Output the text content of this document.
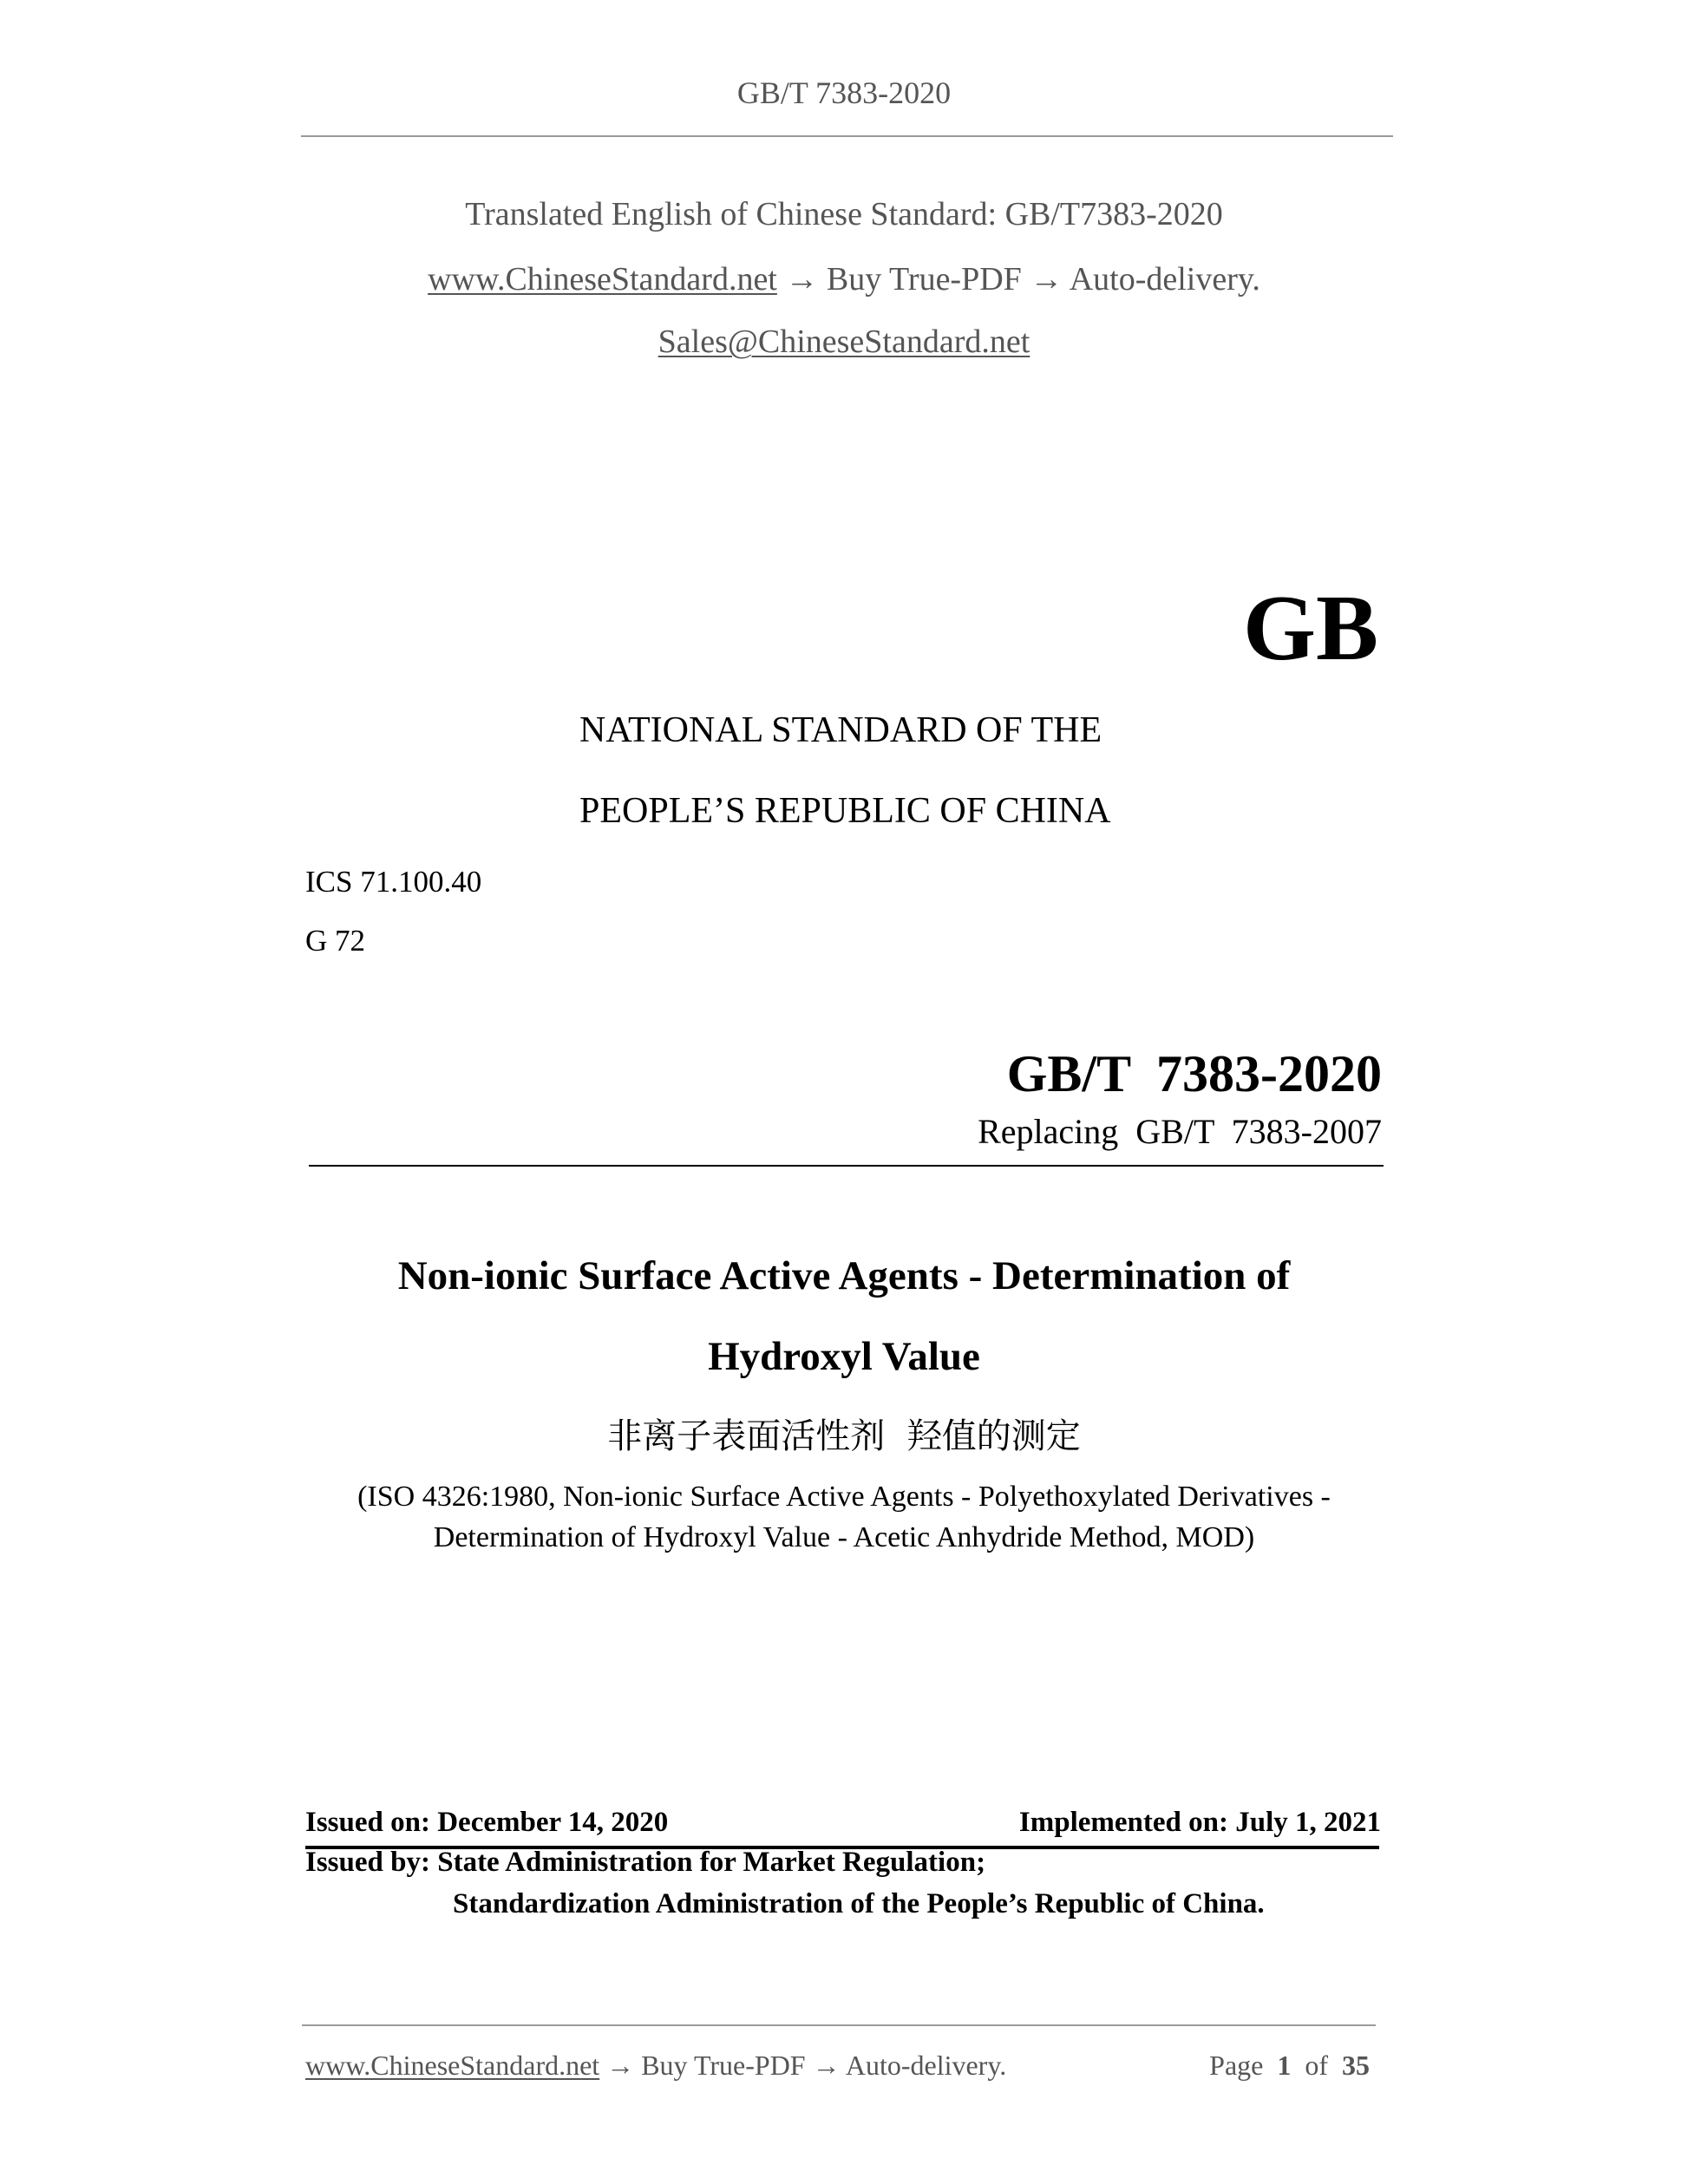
GB/T 7383-2020
Translated English of Chinese Standard: GB/T7383-2020
www.ChineseStandard.net → Buy True-PDF → Auto-delivery.
Sales@ChineseStandard.net
GB
NATIONAL STANDARD OF THE
PEOPLE’S REPUBLIC OF CHINA
ICS 71.100.40
G 72
GB/T  7383-2020
Replacing  GB/T  7383-2007
Non-ionic Surface Active Agents - Determination of
Hydroxyl Value
非离子表面活性剂  羟值的测定
(ISO 4326:1980, Non-ionic Surface Active Agents - Polyethoxylated Derivatives -
Determination of Hydroxyl Value - Acetic Anhydride Method, MOD)
Issued on: December 14, 2020	Implemented on: July 1, 2021
Issued by: State Administration for Market Regulation;
Standardization Administration of the People’s Republic of China.
www.ChineseStandard.net → Buy True-PDF → Auto-delivery.	Page 1 of 35
